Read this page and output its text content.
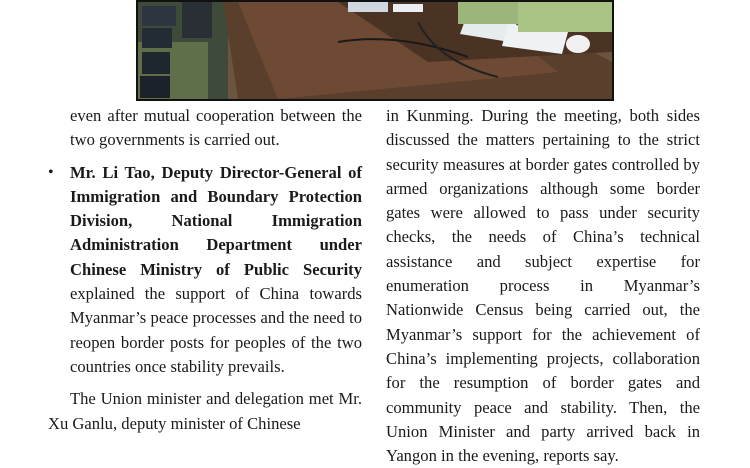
even after mutual cooperation between the two governments is carried out.

• Mr. Li Tao, Deputy Director-General of Immigration and Boundary Protection Division, National Immigration Administration Department under Chinese Ministry of Public Security explained the support of China towards Myanmar’s peace processes and the need to reopen border posts for peoples of the two countries once stability prevails.

The Union minister and delegation met Mr. Xu Ganlu, deputy minister of Chinese

in Kunming. During the meeting, both sides discussed the matters pertaining to the strict security measures at border gates controlled by armed organizations although some border gates were allowed to pass under security checks, the needs of China’s technical assistance and subject expertise for enumeration process in Myanmar’s Nationwide Census being carried out, the Myanmar’s support for the achievement of China’s implementing projects, collaboration for the resumption of border gates and community peace and stability. Then, the Union Minister and party arrived back in Yangon in the evening, reports say.
